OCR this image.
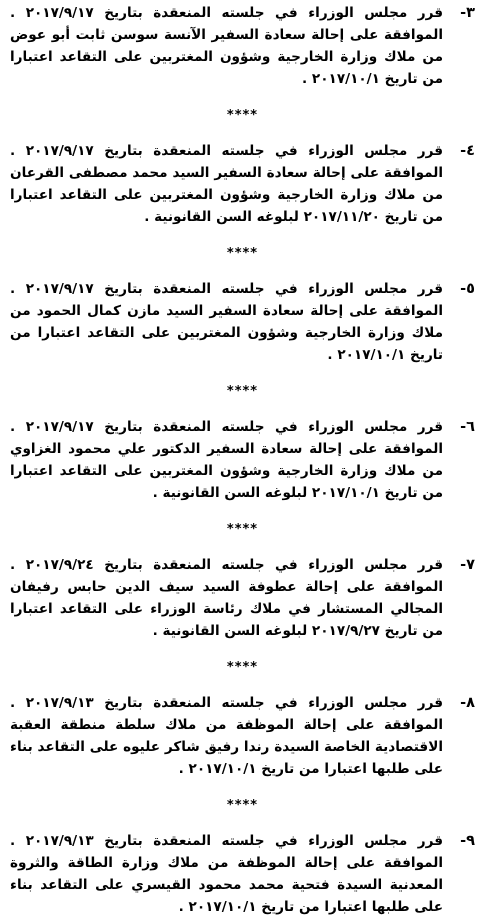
٣-
قرر مجلس الوزراء في جلسته المنعقدة بتاريخ ٢٠١٧/٩/١٧ . الموافقة على إحالة سعادة السفير الآنسة سوسن ثابت أبو عوض من ملاك وزارة الخارجية وشؤون المغتربين على التقاعد اعتبارا من تاريخ ٢٠١٧/١٠/١ .
****
٤-
قرر مجلس الوزراء في جلسته المنعقدة بتاريخ ٢٠١٧/٩/١٧ . الموافقة على إحالة سعادة السفير السيد محمد مصطفى القرعان من ملاك وزارة الخارجية وشؤون المغتربين على التقاعد اعتبارا من تاريخ ٢٠١٧/١١/٢٠ لبلوغه السن القانونية .
****
٥-
قرر مجلس الوزراء في جلسته المنعقدة بتاريخ ٢٠١٧/٩/١٧ . الموافقة على إحالة سعادة السفير السيد مازن كمال الحمود من ملاك وزارة الخارجية وشؤون المغتربين على التقاعد اعتبارا من تاريخ ٢٠١٧/١٠/١ .
****
٦-
قرر مجلس الوزراء في جلسته المنعقدة بتاريخ ٢٠١٧/٩/١٧ . الموافقة على إحالة سعادة السفير الدكتور علي محمود الغزاوي من ملاك وزارة الخارجية وشؤون المغتربين على التقاعد اعتبارا من تاريخ ٢٠١٧/١٠/١ لبلوغه السن القانونية .
****
٧-
قرر مجلس الوزراء في جلسته المنعقدة بتاريخ ٢٠١٧/٩/٢٤ . الموافقة على إحالة عطوفة السيد سيف الدين حابس رفيفان المجالي المستشار في ملاك رئاسة الوزراء على التقاعد اعتبارا من تاريخ ٢٠١٧/٩/٢٧ لبلوغه السن القانونية .
****
٨-
قرر مجلس الوزراء في جلسته المنعقدة بتاريخ ٢٠١٧/٩/١٣ . الموافقة على إحالة الموظفة من ملاك سلطة منطقة العقبة الاقتصادية الخاصة السيدة رندا رفيق شاكر عليوه على التقاعد بناء على طلبها اعتبارا من تاريخ ٢٠١٧/١٠/١ .
****
٩-
قرر مجلس الوزراء في جلسته المنعقدة بتاريخ ٢٠١٧/٩/١٣ . الموافقة على إحالة الموظفة من ملاك وزارة الطاقة والثروة المعدنية السيدة فتحية محمد محمود القيسري على التقاعد بناء على طلبها اعتبارا من تاريخ ٢٠١٧/١٠/١ .
